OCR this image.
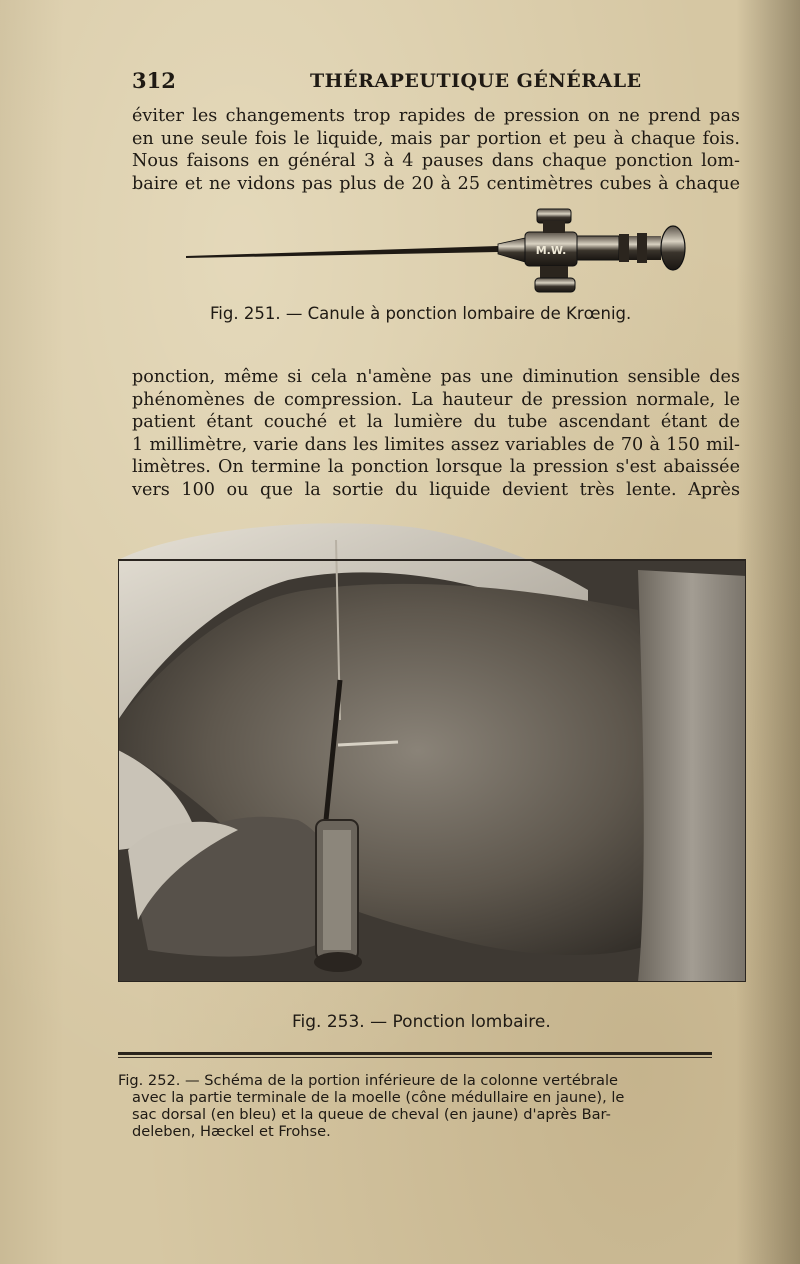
312	THÉRAPEUTIQUE GÉNÉRALE
éviter les changements trop rapides de pression on ne prend pas
en une seule fois le liquide, mais par portion et peu à chaque fois.
Nous faisons en général 3 à 4 pauses dans chaque ponction lom-
baire et ne vidons pas plus de 20 à 25 centimètres cubes à chaque
M.W.
Fig. 251. — Canule à ponction lombaire de Krœnig.
ponction, même si cela n'amène pas une diminution sensible des
phénomènes de compression. La hauteur de pression normale, le
patient étant couché et la lumière du tube ascendant étant de
1 millimètre, varie dans les limites assez variables de 70 à 150 mil-
limètres. On termine la ponction lorsque la pression s'est abaissée
vers 100 ou que la sortie du liquide devient très lente. Après
Fig. 253. — Ponction lombaire.
Fig. 252. — Schéma de la portion inférieure de la colonne vertébrale
avec la partie terminale de la moelle (cône médullaire en jaune), le
sac dorsal (en bleu) et la queue de cheval (en jaune) d'après Bar-
deleben, Hæckel et Frohse.
